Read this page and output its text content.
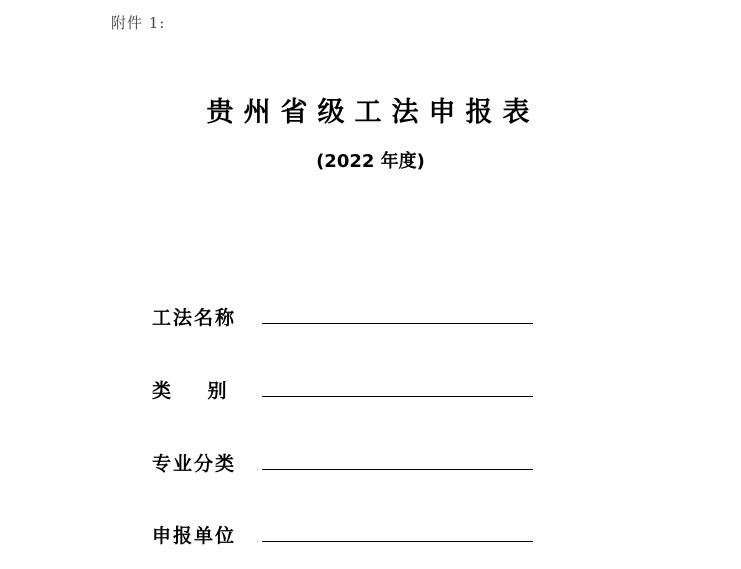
附件 1:
贵州省级工法申报表
(2022 年度)
工法名称
类    别
专业分类
申报单位
